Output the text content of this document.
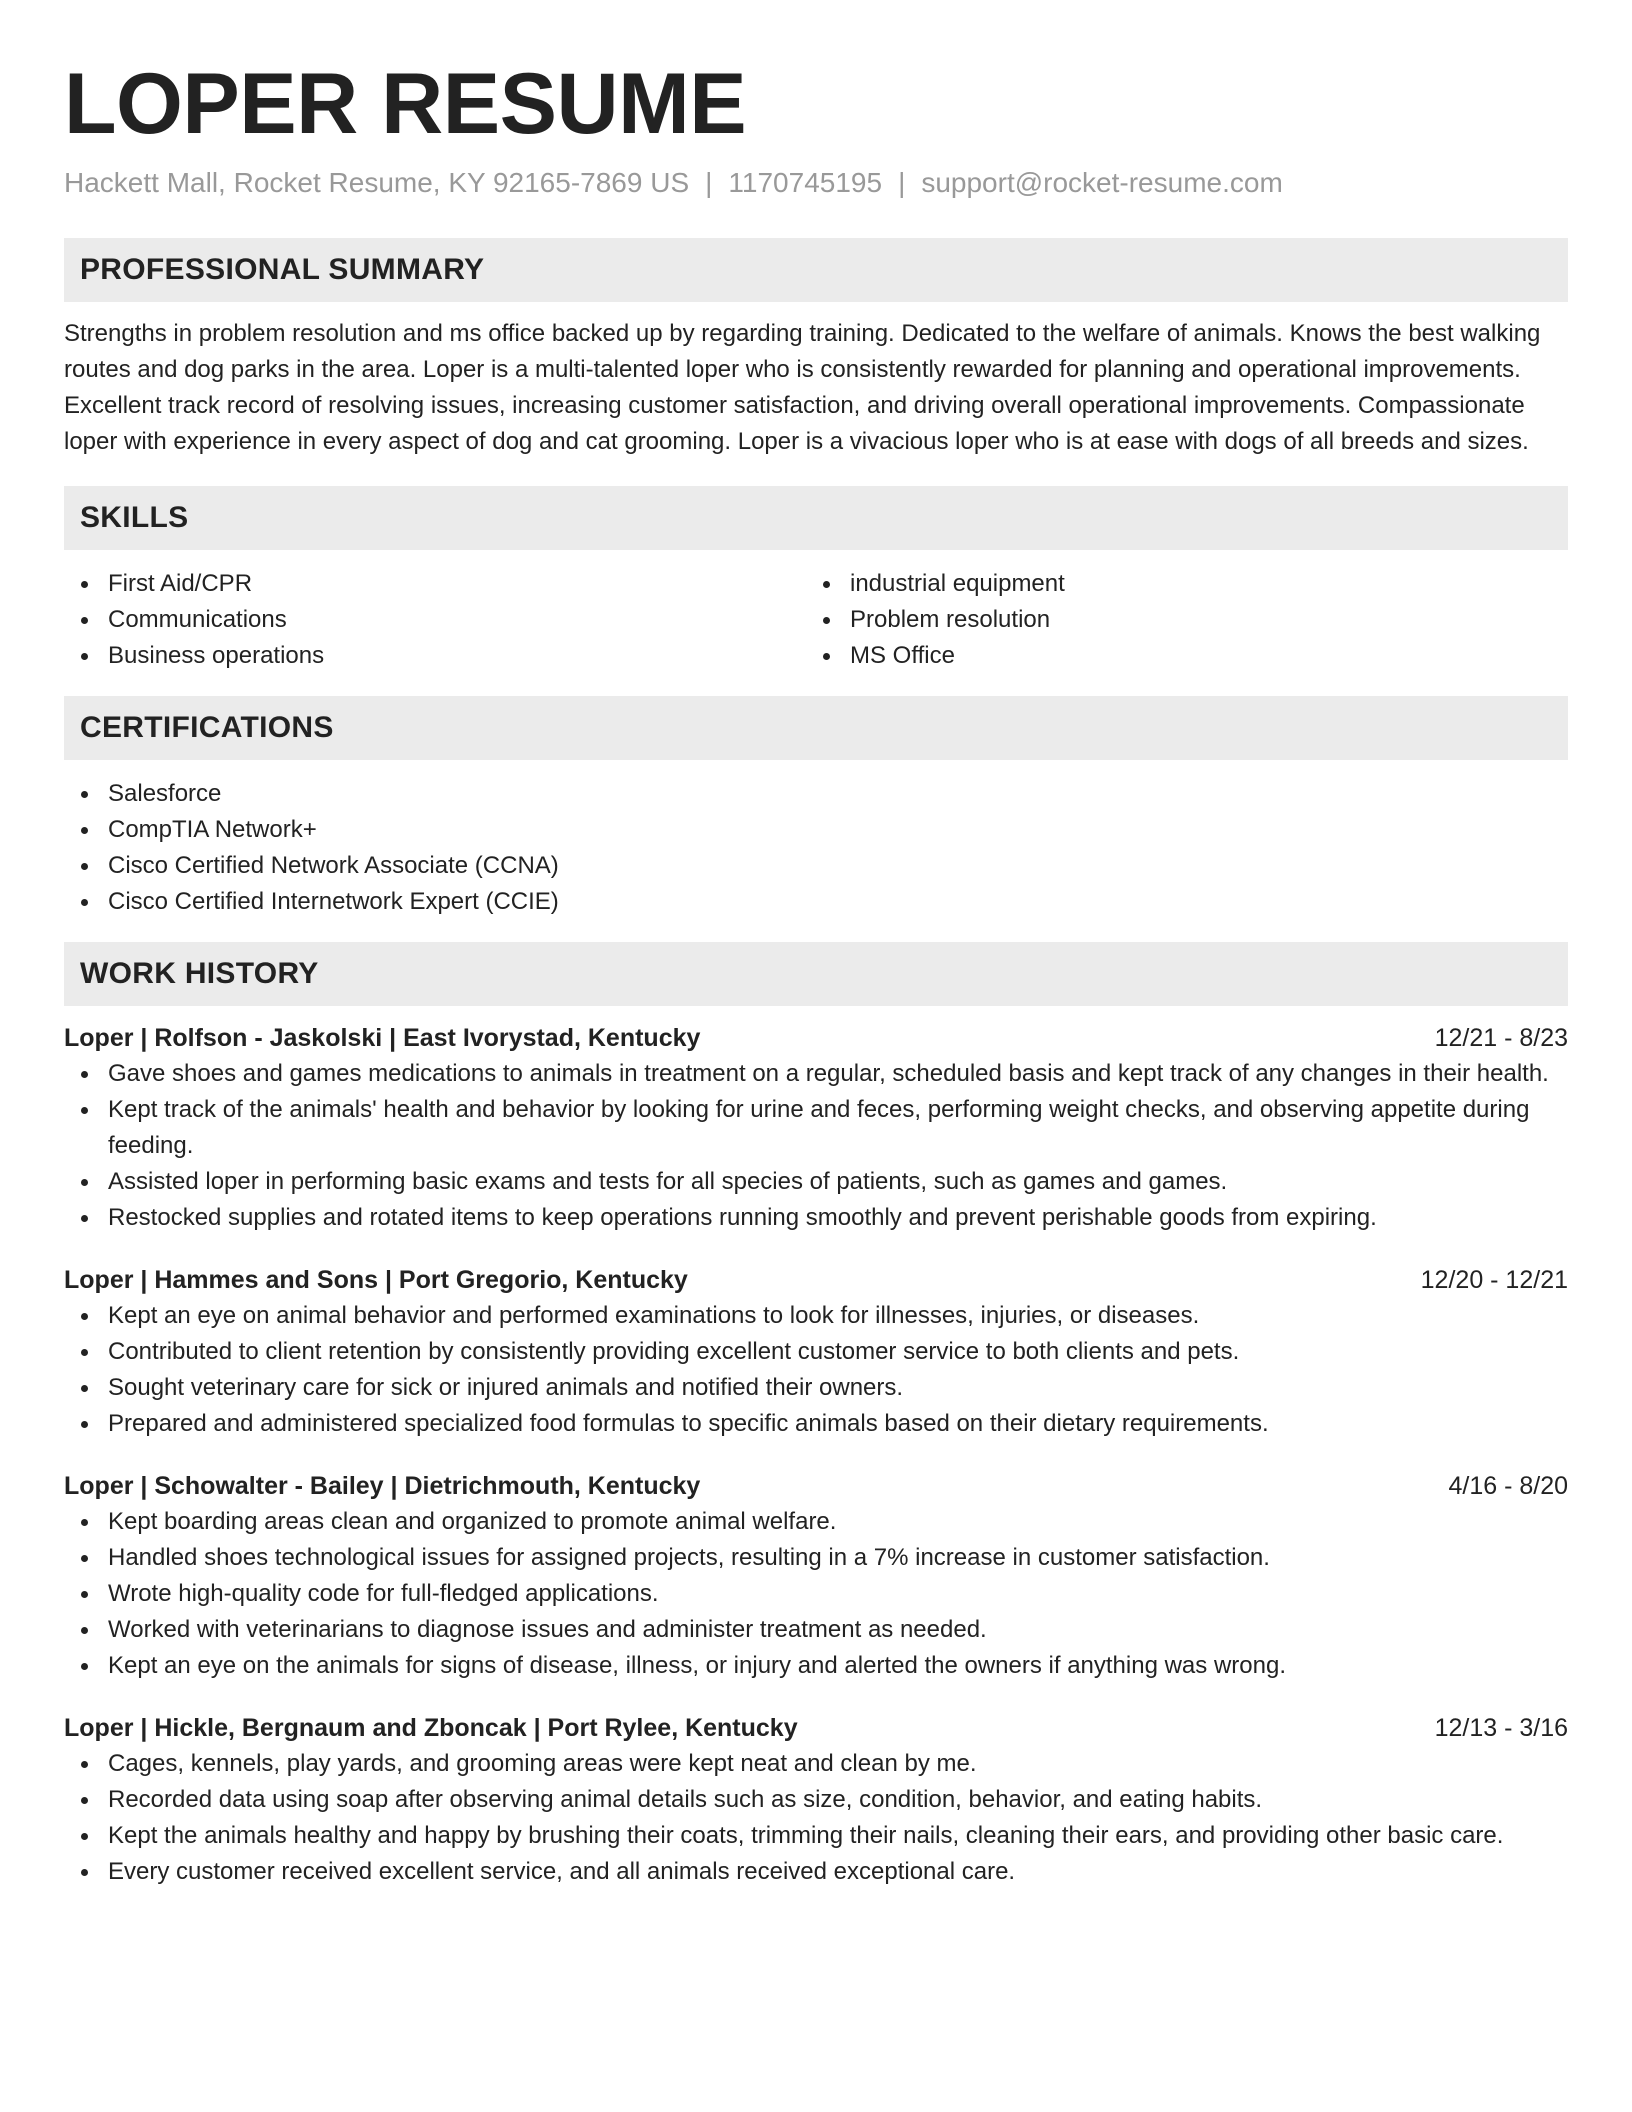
LOPER RESUME
Hackett Mall, Rocket Resume, KY 92165-7869 US | 1170745195 | support@rocket-resume.com
PROFESSIONAL SUMMARY

Strengths in problem resolution and ms office backed up by regarding training. Dedicated to the welfare of animals. Knows the best walking routes and dog parks in the area. Loper is a multi-talented loper who is consistently rewarded for planning and operational improvements. Excellent track record of resolving issues, increasing customer satisfaction, and driving overall operational improvements. Compassionate loper with experience in every aspect of dog and cat grooming. Loper is a vivacious loper who is at ease with dogs of all breeds and sizes.

SKILLS
First Aid/CPR
Communications
Business operations
industrial equipment
Problem resolution
MS Office
CERTIFICATIONS
Salesforce
CompTIA Network+
Cisco Certified Network Associate (CCNA)
Cisco Certified Internetwork Expert (CCIE)
WORK HISTORY
Loper | Rolfson - Jaskolski | East Ivorystad, Kentucky	12/21 - 8/23
Gave shoes and games medications to animals in treatment on a regular, scheduled basis and kept track of any changes in their health.
Kept track of the animals' health and behavior by looking for urine and feces, performing weight checks, and observing appetite during feeding.
Assisted loper in performing basic exams and tests for all species of patients, such as games and games.
Restocked supplies and rotated items to keep operations running smoothly and prevent perishable goods from expiring.
Loper | Hammes and Sons | Port Gregorio, Kentucky	12/20 - 12/21
Kept an eye on animal behavior and performed examinations to look for illnesses, injuries, or diseases.
Contributed to client retention by consistently providing excellent customer service to both clients and pets.
Sought veterinary care for sick or injured animals and notified their owners.
Prepared and administered specialized food formulas to specific animals based on their dietary requirements.
Loper | Schowalter - Bailey | Dietrichmouth, Kentucky	4/16 - 8/20
Kept boarding areas clean and organized to promote animal welfare.
Handled shoes technological issues for assigned projects, resulting in a 7% increase in customer satisfaction.
Wrote high-quality code for full-fledged applications.
Worked with veterinarians to diagnose issues and administer treatment as needed.
Kept an eye on the animals for signs of disease, illness, or injury and alerted the owners if anything was wrong.
Loper | Hickle, Bergnaum and Zboncak | Port Rylee, Kentucky	12/13 - 3/16
Cages, kennels, play yards, and grooming areas were kept neat and clean by me.
Recorded data using soap after observing animal details such as size, condition, behavior, and eating habits.
Kept the animals healthy and happy by brushing their coats, trimming their nails, cleaning their ears, and providing other basic care.
Every customer received excellent service, and all animals received exceptional care.
